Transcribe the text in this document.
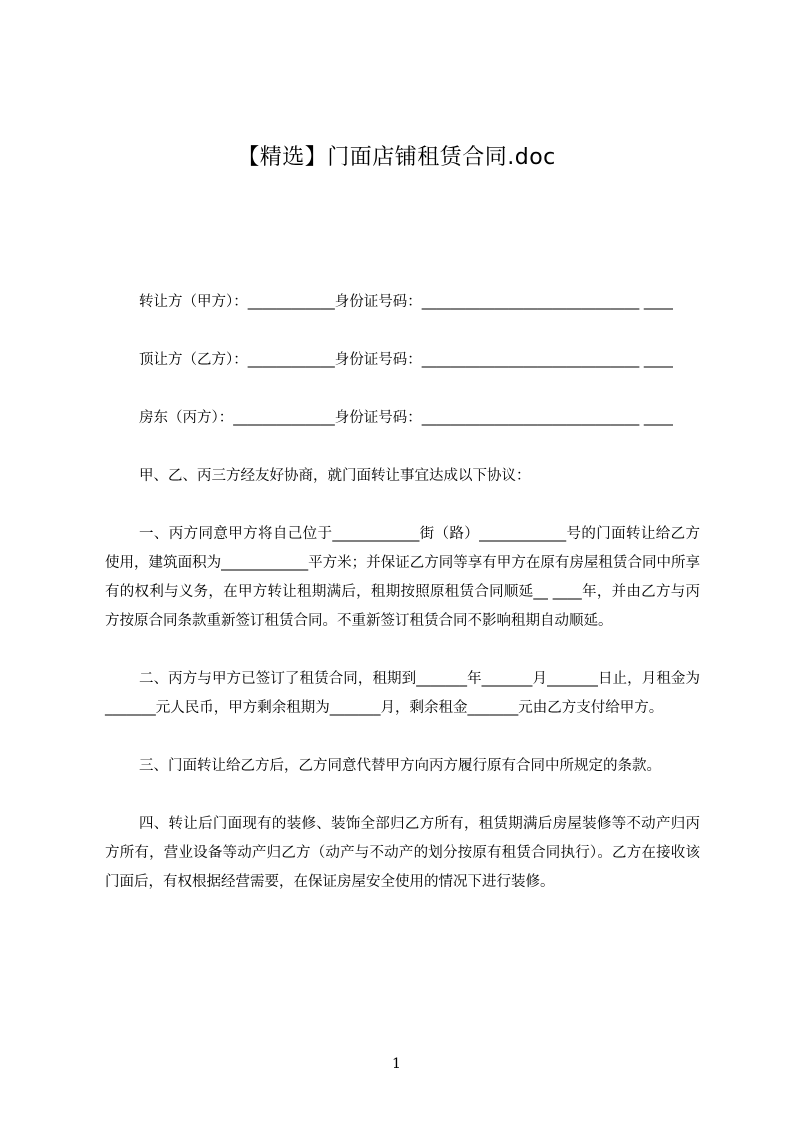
【精选】门面店铺租赁合同.doc

转让方（甲方）：____________身份证号码：______________________________ ____

顶让方（乙方）：____________身份证号码：______________________________ ____

房东（丙方）：______________身份证号码：______________________________ ____

甲、乙、丙三方经友好协商，就门面转让事宜达成以下协议：

一、丙方同意甲方将自己位于____________街（路）____________号的门面转让给乙方使用，建筑面积为____________平方米；并保证乙方同等享有甲方在原有房屋租赁合同中所享有的权利与义务，在甲方转让租期满后，租期按照原租赁合同顺延__ ____年，并由乙方与丙方按原合同条款重新签订租赁合同。不重新签订租赁合同不影响租期自动顺延。

二、丙方与甲方已签订了租赁合同，租期到_______年_______月_______日止，月租金为_______元人民币，甲方剩余租期为_______月，剩余租金_______元由乙方支付给甲方。

三、门面转让给乙方后，乙方同意代替甲方向丙方履行原有合同中所规定的条款。

四、转让后门面现有的装修、装饰全部归乙方所有，租赁期满后房屋装修等不动产归丙方所有，营业设备等动产归乙方（动产与不动产的划分按原有租赁合同执行）。乙方在接收该门面后，有权根据经营需要，在保证房屋安全使用的情况下进行装修。

1
